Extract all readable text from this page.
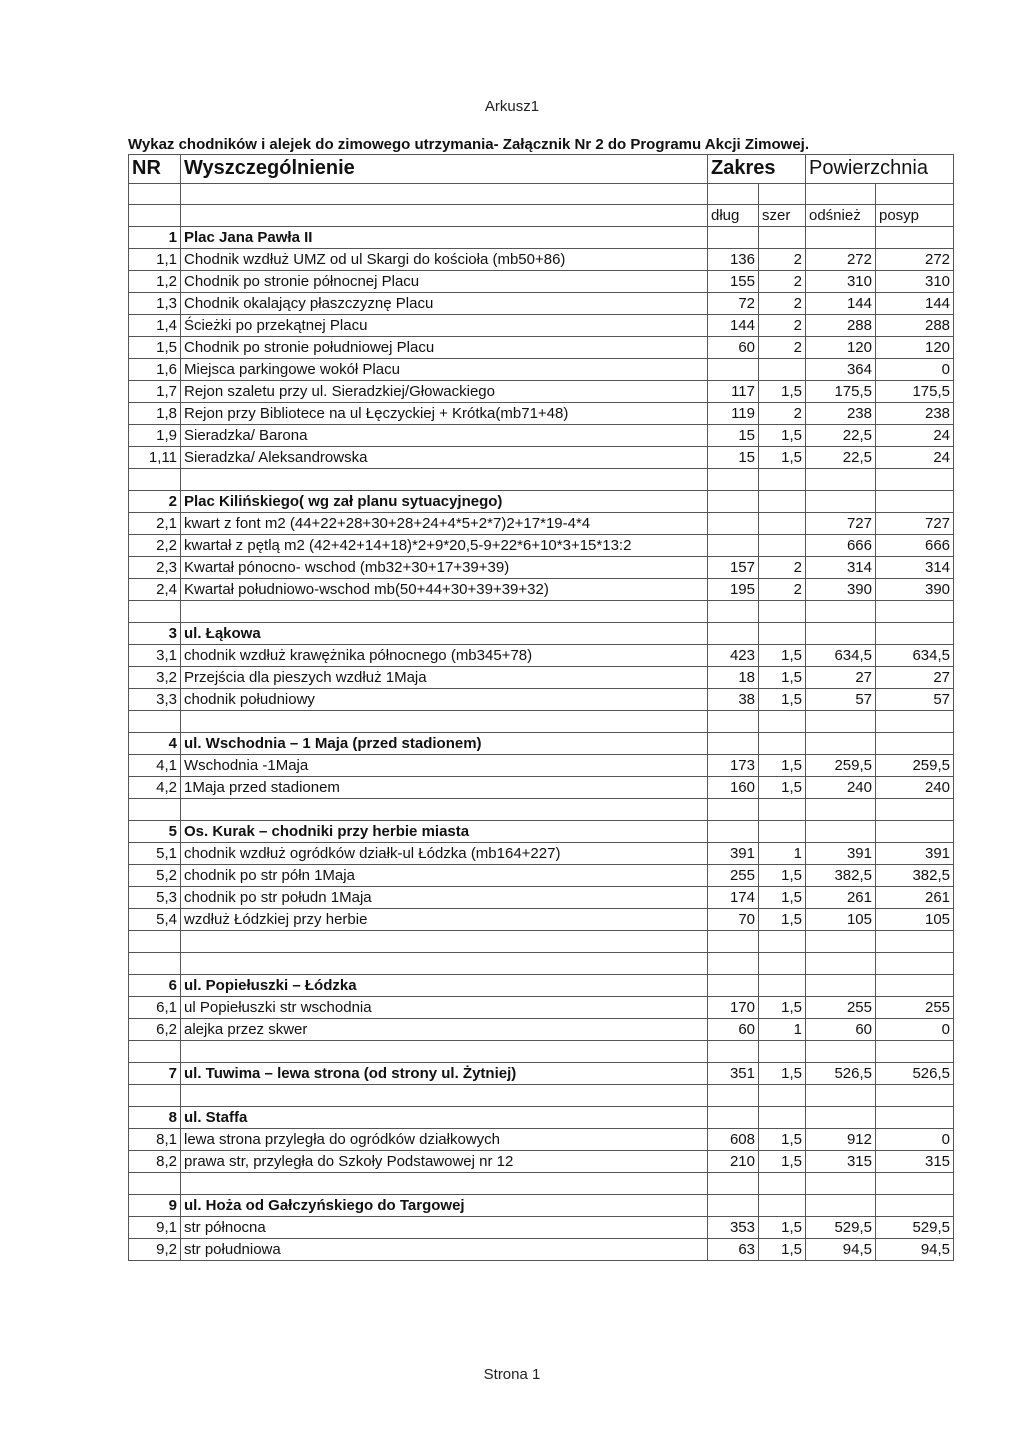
Arkusz1
Wykaz chodników i alejek do zimowego utrzymania- Załącznik Nr 2 do Programu Akcji Zimowej.
NR	Wyszczególnienie	Zakres		Powierzchnia	

		dług	szer	odśnież	posyp
1	Plac Jana Pawła II				
1,1	Chodnik wzdłuż UMZ od ul Skargi do kościoła (mb50+86)	136	2	272	272
1,2	Chodnik po stronie północnej Placu	155	2	310	310
1,3	Chodnik okalający płaszczyznę Placu	72	2	144	144
1,4	Ścieżki po przekątnej Placu	144	2	288	288
1,5	Chodnik po stronie południowej Placu	60	2	120	120
1,6	Miejsca parkingowe wokół Placu			364	0
1,7	Rejon szaletu przy ul. Sieradzkiej/Głowackiego	117	1,5	175,5	175,5
1,8	Rejon przy Bibliotece na ul Łęczyckiej + Krótka(mb71+48)	119	2	238	238
1,9	Sieradzka/ Barona	15	1,5	22,5	24
1,11	Sieradzka/ Aleksandrowska	15	1,5	22,5	24

2	Plac Kilińskiego( wg zał planu sytuacyjnego)				
2,1	kwart z font m2 (44+22+28+30+28+24+4*5+2*7)2+17*19-4*4			727	727
2,2	kwartał z pętlą m2 (42+42+14+18)*2+9*20,5-9+22*6+10*3+15*13:2			666	666
2,3	Kwartał pónocno- wschod (mb32+30+17+39+39)	157	2	314	314
2,4	Kwartał południowo-wschod mb(50+44+30+39+39+32)	195	2	390	390

3	ul. Łąkowa				
3,1	chodnik wzdłuż krawężnika północnego (mb345+78)	423	1,5	634,5	634,5
3,2	Przejścia dla pieszych wzdłuż 1Maja	18	1,5	27	27
3,3	chodnik południowy	38	1,5	57	57

4	ul. Wschodnia – 1 Maja (przed stadionem)				
4,1	Wschodnia -1Maja	173	1,5	259,5	259,5
4,2	1Maja przed stadionem	160	1,5	240	240

5	Os. Kurak – chodniki przy herbie miasta				
5,1	chodnik wzdłuż ogródków działk-ul Łódzka (mb164+227)	391	1	391	391
5,2	chodnik po str półn 1Maja	255	1,5	382,5	382,5
5,3	chodnik po str połudn 1Maja	174	1,5	261	261
5,4	wzdłuż Łódzkiej przy herbie	70	1,5	105	105

6	ul. Popiełuszki – Łódzka				
6,1	ul Popiełuszki str wschodnia	170	1,5	255	255
6,2	alejka przez skwer	60	1	60	0

7	ul. Tuwima – lewa strona (od strony ul. Żytniej)	351	1,5	526,5	526,5

8	ul. Staffa				
8,1	lewa strona przyległa do ogródków działkowych	608	1,5	912	0
8,2	prawa str, przyległa do Szkoły Podstawowej nr 12	210	1,5	315	315

9	ul. Hoża od Gałczyńskiego do Targowej				
9,1	str północna	353	1,5	529,5	529,5
9,2	str południowa	63	1,5	94,5	94,5
Strona 1
